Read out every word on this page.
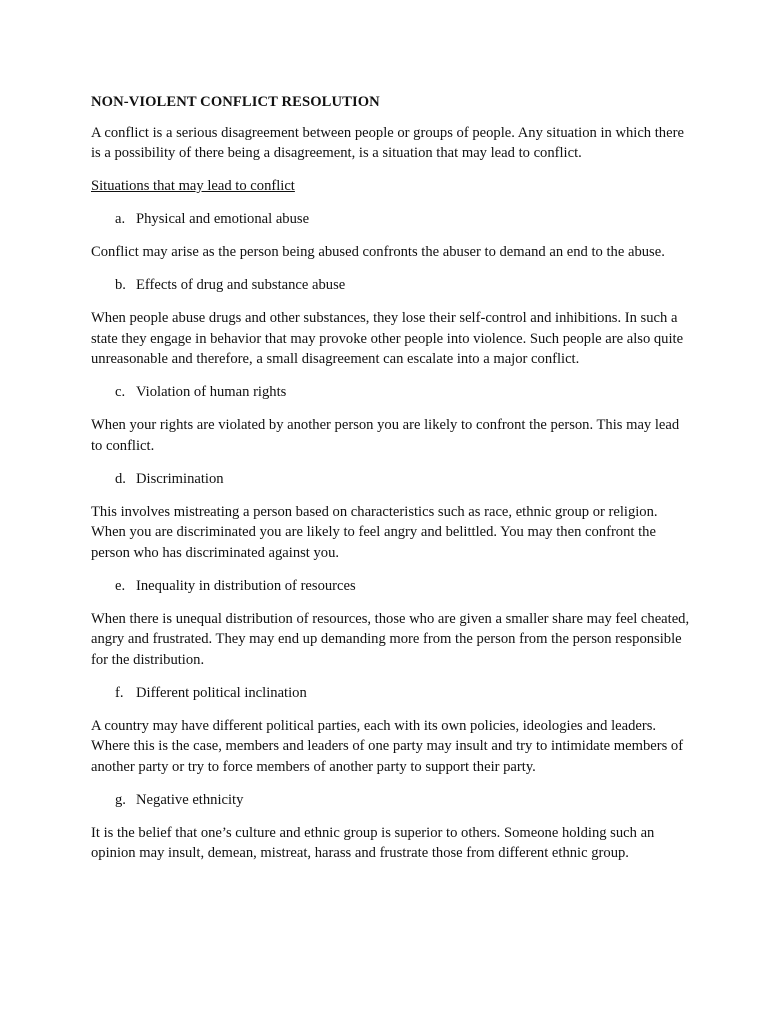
NON-VIOLENT CONFLICT RESOLUTION
A conflict is a serious disagreement between people or groups of people. Any situation in which there is a possibility of there being a disagreement, is a situation that may lead to conflict.
Situations that may lead to conflict
a. Physical and emotional abuse
Conflict may arise as the person being abused confronts the abuser to demand an end to the abuse.
b. Effects of drug and substance abuse
When people abuse drugs and other substances, they lose their self-control and inhibitions. In such a state they engage in behavior that may provoke other people into violence. Such people are also quite unreasonable and therefore, a small disagreement can escalate into a major conflict.
c. Violation of human rights
When your rights are violated by another person you are likely to confront the person. This may lead to conflict.
d. Discrimination
This involves mistreating a person based on characteristics such as race, ethnic group or religion. When you are discriminated you are likely to feel angry and belittled. You may then confront the person who has discriminated against you.
e. Inequality in distribution of resources
When there is unequal distribution of resources, those who are given a smaller share may feel cheated, angry and frustrated. They may end up demanding more from the person from the person responsible for the distribution.
f. Different political inclination
A country may have different political parties, each with its own policies, ideologies and leaders. Where this is the case, members and leaders of one party may insult and try to intimidate members of another party or try to force members of another party to support their party.
g. Negative ethnicity
It is the belief that one’s culture and ethnic group is superior to others. Someone holding such an opinion may insult, demean, mistreat, harass and frustrate those from different ethnic group.
